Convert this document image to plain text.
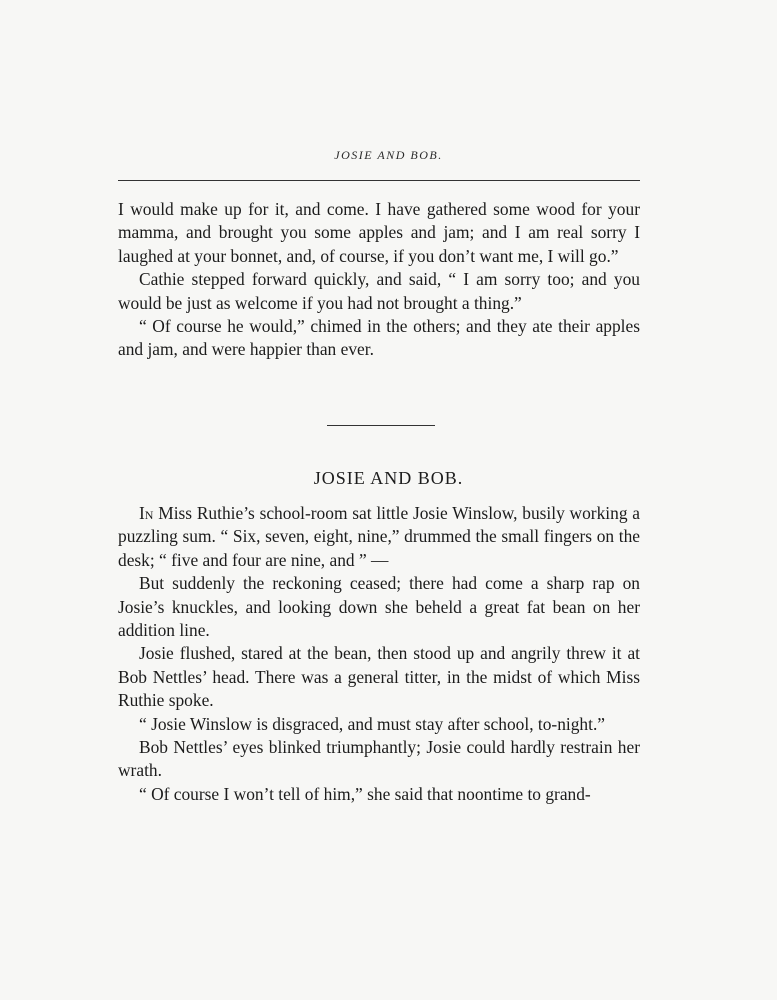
JOSIE AND BOB.

I would make up for it, and come. I have gathered some wood for your mamma, and brought you some apples and jam; and I am real sorry I laughed at your bonnet, and, of course, if you don’t want me, I will go.”

Cathie stepped forward quickly, and said, “ I am sorry too; and you would be just as welcome if you had not brought a thing.”

“ Of course he would,” chimed in the others; and they ate their apples and jam, and were happier than ever.

JOSIE AND BOB.

In Miss Ruthie’s school-room sat little Josie Winslow, busily working a puzzling sum. “ Six, seven, eight, nine,” drummed the small fingers on the desk; “ five and four are nine, and ” —

But suddenly the reckoning ceased; there had come a sharp rap on Josie’s knuckles, and looking down she beheld a great fat bean on her addition line.

Josie flushed, stared at the bean, then stood up and angrily threw it at Bob Nettles’ head. There was a general titter, in the midst of which Miss Ruthie spoke.

“ Josie Winslow is disgraced, and must stay after school, to-night.”

Bob Nettles’ eyes blinked triumphantly; Josie could hardly restrain her wrath.

“ Of course I won’t tell of him,” she said that noontime to grand-
